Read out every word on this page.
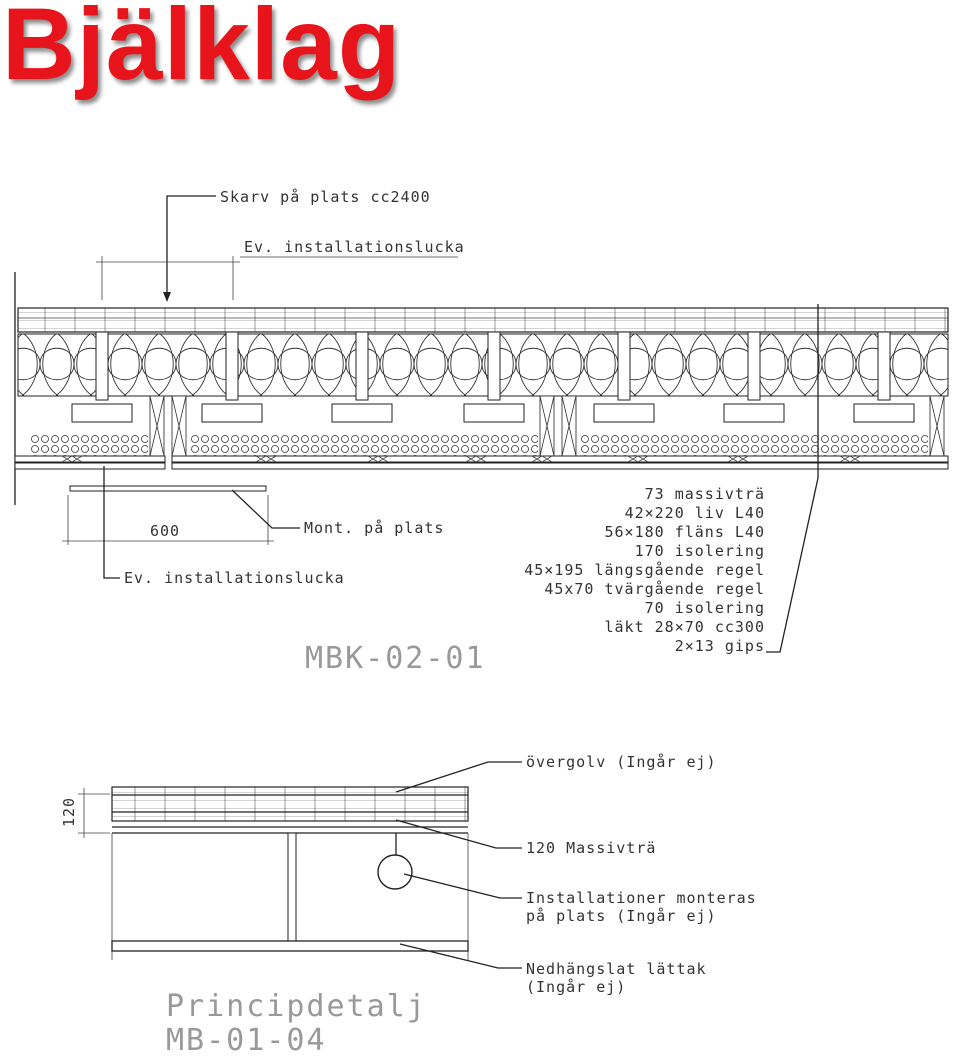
Bjälklag
Skarv på plats cc2400
Ev. installationslucka
600	Mont. på plats
Ev. installationslucka
73 massivträ
42×220 liv L40
56×180 fläns L40
170 isolering
45×195 längsgående regel
45x70 tvärgående regel
70 isolering
läkt 28×70 cc300
2×13 gips
MBK-02-01
120
övergolv (Ingår ej)
120 Massivträ
Installationer monteras
på plats (Ingår ej)
Nedhängslat lättak
(Ingår ej)
Principdetalj
MB-01-04
